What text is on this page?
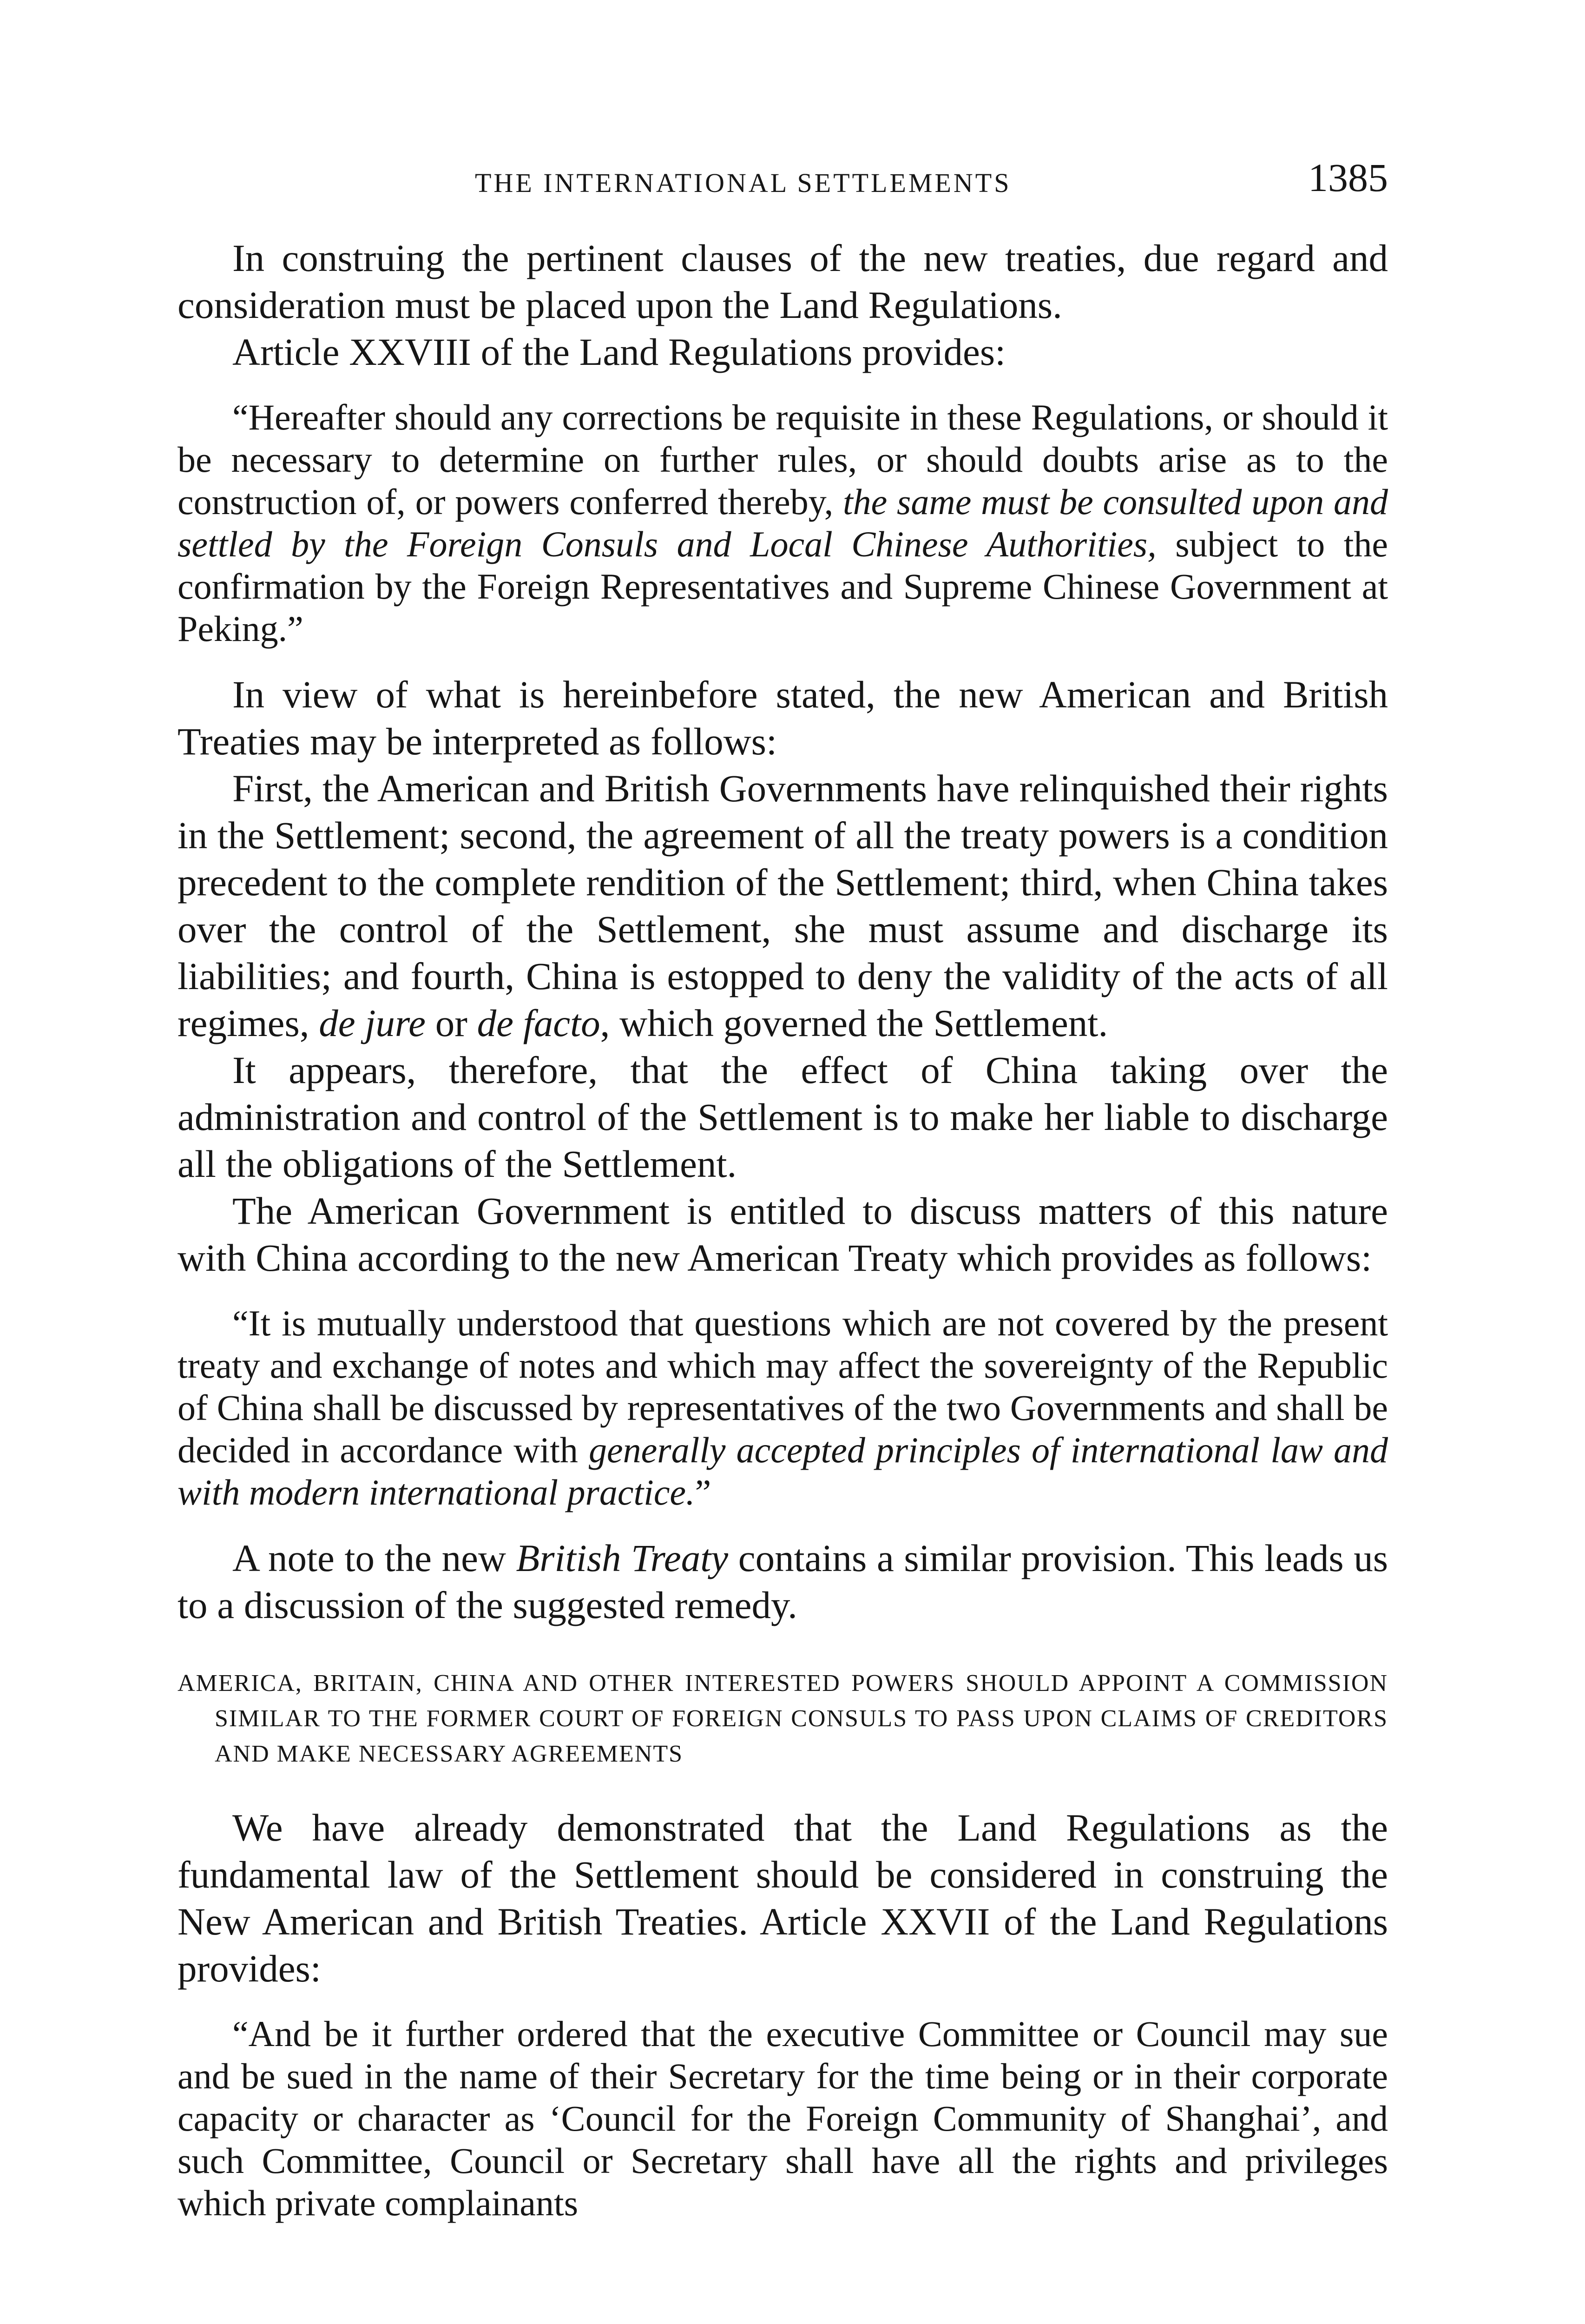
THE INTERNATIONAL SETTLEMENTS	1385

In construing the pertinent clauses of the new treaties, due regard and consideration must be placed upon the Land Regulations.

Article XXVIII of the Land Regulations provides:

“Hereafter should any corrections be requisite in these Regulations, or should it be necessary to determine on further rules, or should doubts arise as to the construction of, or powers conferred thereby, the same must be consulted upon and settled by the Foreign Consuls and Local Chinese Authorities, subject to the confirmation by the Foreign Representatives and Supreme Chinese Government at Peking.”

In view of what is hereinbefore stated, the new American and British Treaties may be interpreted as follows:

First, the American and British Governments have relinquished their rights in the Settlement; second, the agreement of all the treaty powers is a condition precedent to the complete rendition of the Settlement; third, when China takes over the control of the Settlement, she must assume and discharge its liabilities; and fourth, China is estopped to deny the validity of the acts of all regimes, de jure or de facto, which governed the Settlement.

It appears, therefore, that the effect of China taking over the administration and control of the Settlement is to make her liable to discharge all the obligations of the Settlement.

The American Government is entitled to discuss matters of this nature with China according to the new American Treaty which provides as follows:

“It is mutually understood that questions which are not covered by the present treaty and exchange of notes and which may affect the sovereignty of the Republic of China shall be discussed by representatives of the two Governments and shall be decided in accordance with generally accepted principles of international law and with modern international practice.”

A note to the new British Treaty contains a similar provision. This leads us to a discussion of the suggested remedy.

AMERICA, BRITAIN, CHINA AND OTHER INTERESTED POWERS SHOULD APPOINT A COMMISSION SIMILAR TO THE FORMER COURT OF FOREIGN CONSULS TO PASS UPON CLAIMS OF CREDITORS AND MAKE NECESSARY AGREEMENTS

We have already demonstrated that the Land Regulations as the fundamental law of the Settlement should be considered in construing the New American and British Treaties. Article XXVII of the Land Regulations provides:

“And be it further ordered that the executive Committee or Council may sue and be sued in the name of their Secretary for the time being or in their corporate capacity or character as ‘Council for the Foreign Community of Shanghai’, and such Committee, Council or Secretary shall have all the rights and privileges which private complainants
